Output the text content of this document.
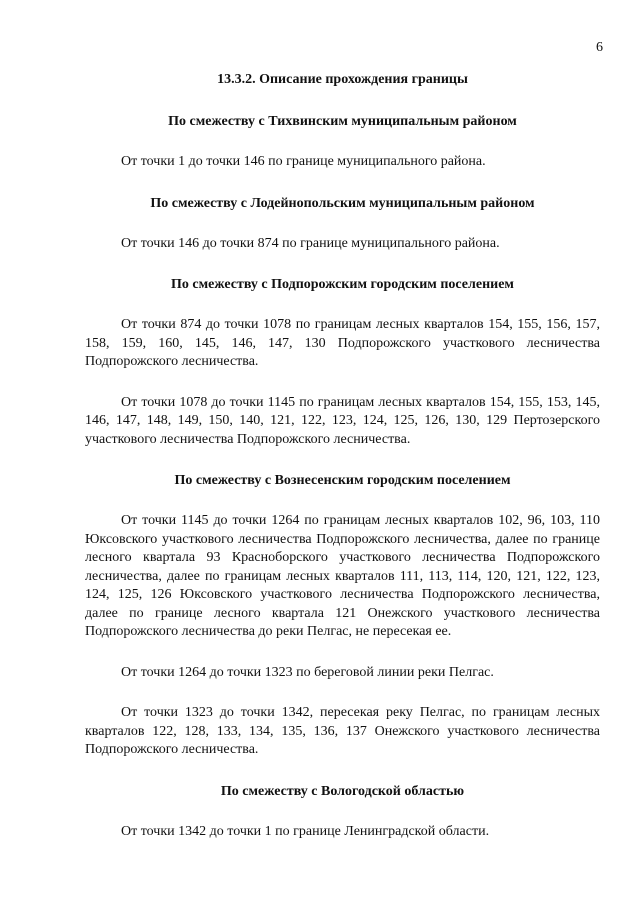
6

13.3.2. Описание прохождения границы

По смежеству с Тихвинским муниципальным районом

От точки 1 до точки 146 по границе муниципального района.

По смежеству с Лодейнопольским муниципальным районом

От точки 146 до точки 874 по границе муниципального района.

По смежеству с Подпорожским городским поселением

От точки 874 до точки 1078 по границам лесных кварталов 154, 155, 156, 157, 158, 159, 160, 145, 146, 147, 130 Подпорожского участкового лесничества Подпорожского лесничества.

От точки 1078 до точки 1145 по границам лесных кварталов 154, 155, 153, 145, 146, 147, 148, 149, 150, 140, 121, 122, 123, 124, 125, 126, 130, 129 Пертозерского участкового лесничества Подпорожского лесничества.

По смежеству с Вознесенским городским поселением

От точки 1145 до точки 1264 по границам лесных кварталов 102, 96, 103, 110 Юксовского участкового лесничества Подпорожского лесничества, далее по границе лесного квартала 93 Красноборского участкового лесничества Подпорожского лесничества, далее по границам лесных кварталов 111, 113, 114, 120, 121, 122, 123, 124, 125, 126 Юксовского участкового лесничества Подпорожского лесничества, далее по границе лесного квартала 121 Онежского участкового лесничества Подпорожского лесничества до реки Пелгас, не пересекая ее.

От точки 1264 до точки 1323 по береговой линии реки Пелгас.

От точки 1323 до точки 1342, пересекая реку Пелгас, по границам лесных кварталов 122, 128, 133, 134, 135, 136, 137 Онежского участкового лесничества Подпорожского лесничества.

По смежеству с Вологодской областью

От точки 1342 до точки 1 по границе Ленинградской области.
